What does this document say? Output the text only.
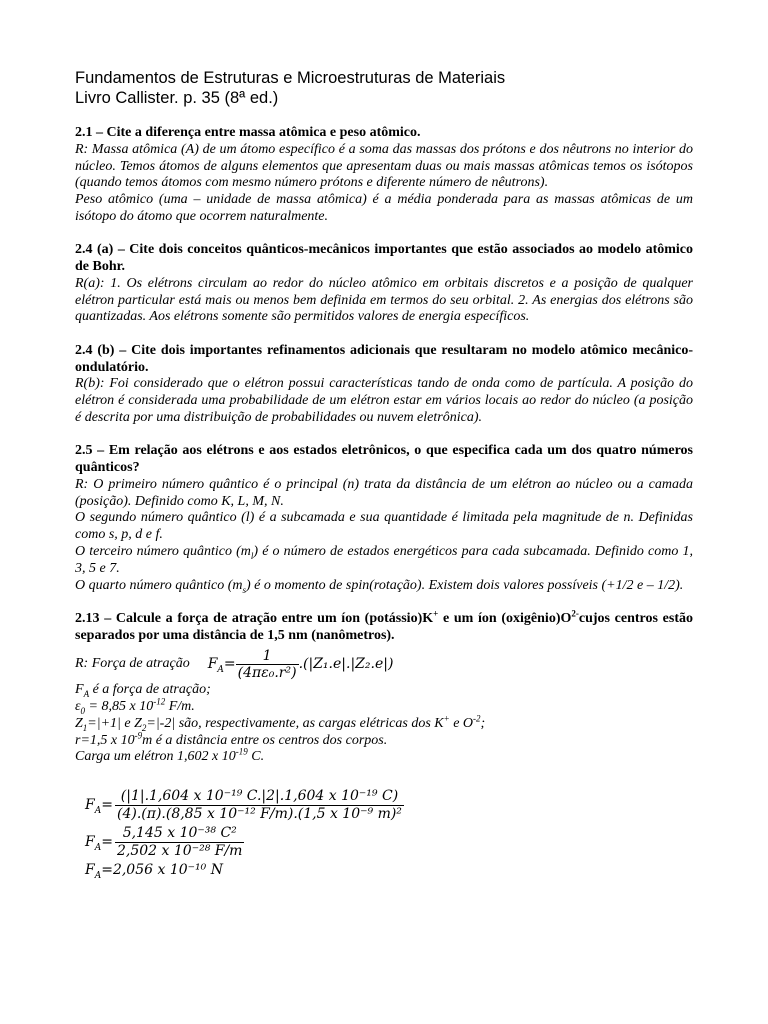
Fundamentos de Estruturas e Microestruturas de Materiais
Livro Callister. p. 35 (8ª ed.)
2.1 – Cite a diferença entre massa atômica e peso atômico.
R: Massa atômica (A) de um átomo específico é a soma das massas dos prótons e dos nêutrons no interior do núcleo. Temos átomos de alguns elementos que apresentam duas ou mais massas atômicas temos os isótopos (quando temos átomos com mesmo número prótons e diferente número de nêutrons).
Peso atômico (uma – unidade de massa atômica) é a média ponderada para as massas atômicas de um isótopo do átomo que ocorrem naturalmente.
2.4 (a) – Cite dois conceitos quânticos-mecânicos importantes que estão associados ao modelo atômico de Bohr.
R(a): 1. Os elétrons circulam ao redor do núcleo atômico em orbitais discretos e a posição de qualquer elétron particular está mais ou menos bem definida em termos do seu orbital. 2. As energias dos elétrons são quantizadas. Aos elétrons somente são permitidos valores de energia específicos.
2.4 (b) – Cite dois importantes refinamentos adicionais que resultaram no modelo atômico mecânico-ondulatório.
R(b): Foi considerado que o elétron possui características tando de onda como de partícula. A posição do elétron é considerada uma probabilidade de um elétron estar em vários locais ao redor do núcleo (a posição é descrita por uma distribuição de probabilidades ou nuvem eletrônica).
2.5 – Em relação aos elétrons e aos estados eletrônicos, o que especifica cada um dos quatro números quânticos?
R: O primeiro número quântico é o principal (n) trata da distância de um elétron ao núcleo ou a camada (posição). Definido como K, L, M, N.
O segundo número quântico (l) é a subcamada e sua quantidade é limitada pela magnitude de n. Definidas como s, p, d e f.
O terceiro número quântico $(m_l)$ é o número de estados energéticos para cada subcamada. Definido como 1, 3, 5 e 7.
O quarto número quântico $(m_s)$ é o momento de spin(rotação). Existem dois valores possíveis (+1/2 e – 1/2).
2.13 – Calcule a força de atração entre um íon (potássio)K+ e um íon $(oxigênio)O^{2-}cujos$ centros estão separados por uma distância de 1,5 nm (nanômetros).
R: Força de atração $F_A= \frac{1}{\text{(4πε₀.r²)}} .(|Z_1.e|.|Z_2.e|)$
$F_A$ é a força de atração;
$\varepsilon_0 = 8,85$ x $10^{-12}$ F/m.
$Z_1=|+1|$ e $Z_2=|-2|$ são, respectivamente, as cargas elétricas dos K+ e $O^{-2}$;
r=1,5 x $10^{-9}m$ é a distância entre os centros dos corpos.
Carga um elétron 1,602 x $10^{-19}$ C.
$F_A= \frac{\text{(|1|.1,604 x 10⁻¹⁹ C.|2|.1,604 x 10⁻¹⁹ C)}}{\text{(4).(π).(8,85 x 10⁻¹² F/m).(1,5 x 10⁻⁹ m)²}}$
$F_A= \frac{\text{5,145 x 10⁻³⁸ C²}}{\text{2,502 x 10⁻²⁸ F/m}}$
$F_A =2,056$ x 10⁻¹⁰ N
